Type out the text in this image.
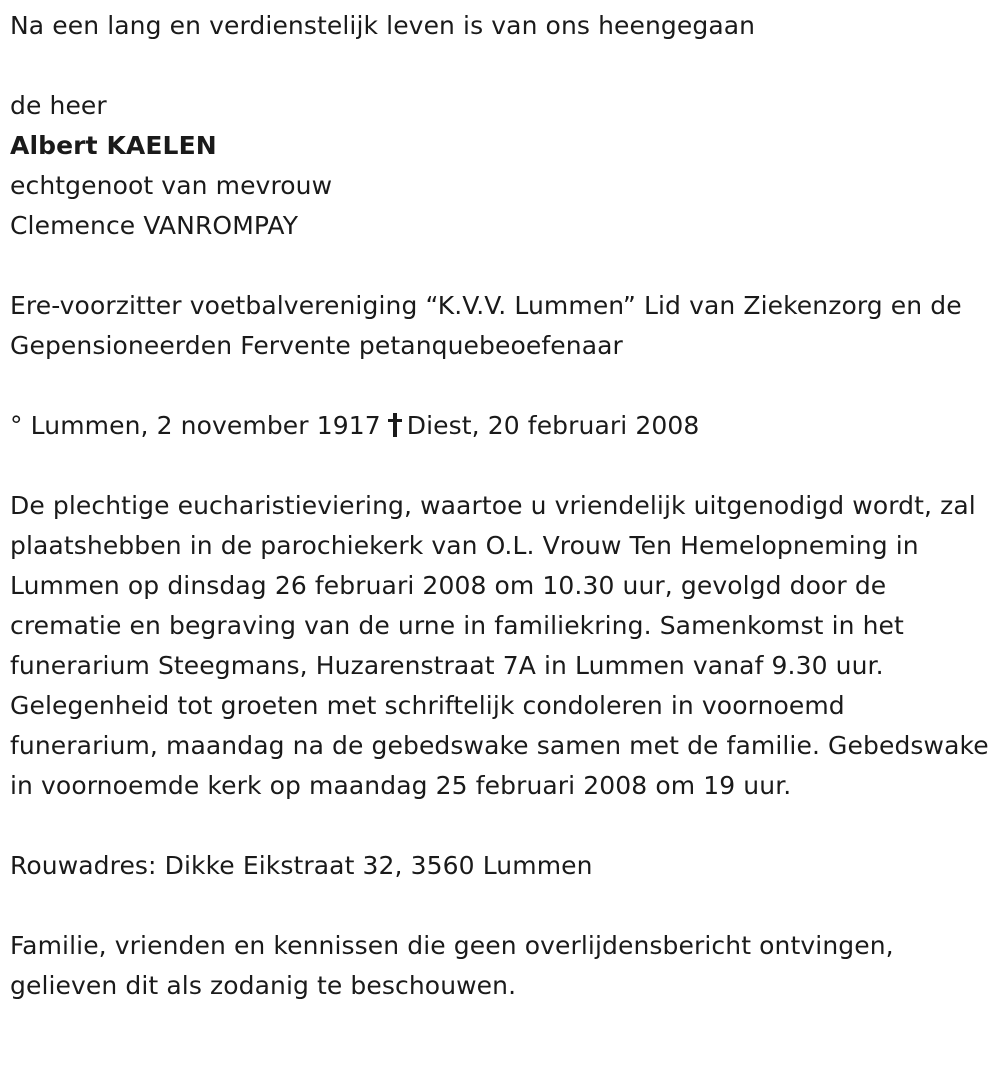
Na een lang en verdienstelijk leven is van ons heengegaan
de heer
Albert KAELEN
echtgenoot van mevrouw
Clemence VANROMPAY
Ere-voorzitter voetbalvereniging “K.V.V. Lummen” Lid van Ziekenzorg en de Gepensioneerden Fervente petanquebeoefenaar
° Lummen, 2 november 1917 Diest, 20 februari 2008
De plechtige eucharistieviering, waartoe u vriendelijk uitgenodigd wordt, zal plaatshebben in de parochiekerk van O.L. Vrouw Ten Hemelopneming in Lummen op dinsdag 26 februari 2008 om 10.30 uur, gevolgd door de crematie en begraving van de urne in familiekring. Samenkomst in het funerarium Steegmans, Huzarenstraat 7A in Lummen vanaf 9.30 uur. Gelegenheid tot groeten met schriftelijk condoleren in voornoemd funerarium, maandag na de gebedswake samen met de familie. Gebedswake in voornoemde kerk op maandag 25 februari 2008 om 19 uur.
Rouwadres: Dikke Eikstraat 32, 3560 Lummen
Familie, vrienden en kennissen die geen overlijdensbericht ontvingen, gelieven dit als zodanig te beschouwen.
